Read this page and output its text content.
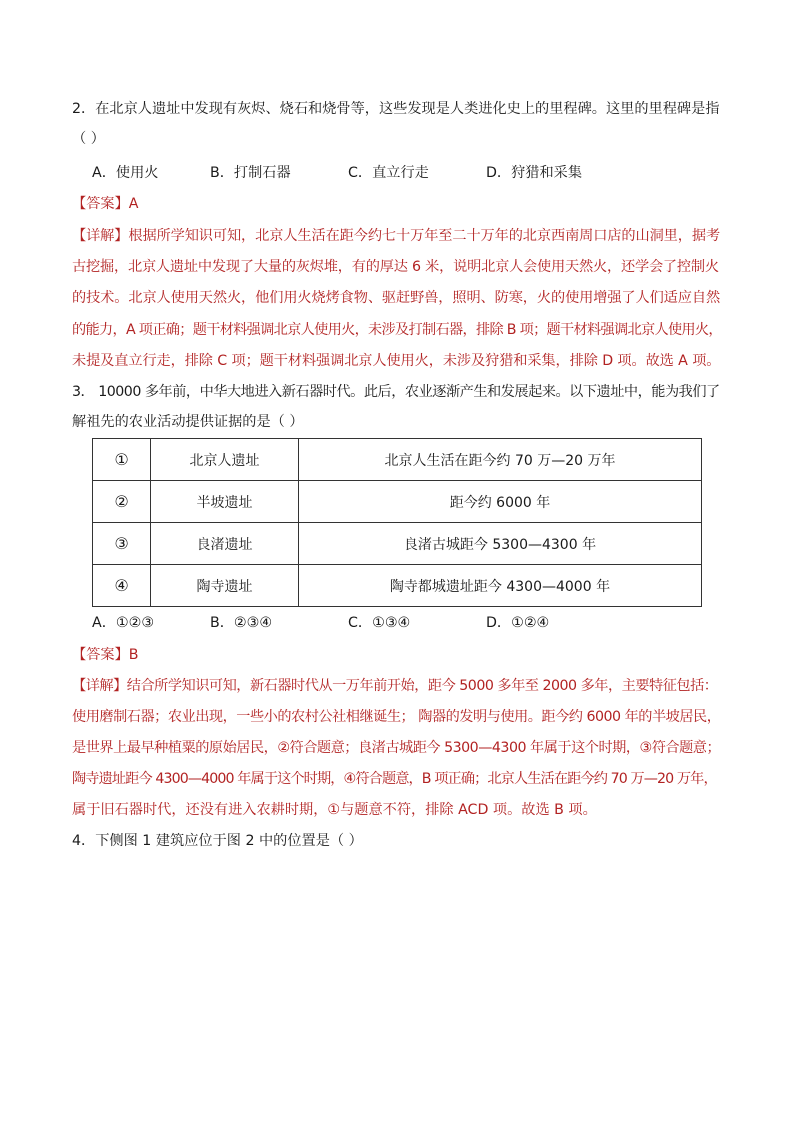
2．在北京人遗址中发现有灰烬、烧石和烧骨等，这些发现是人类进化史上的里程碑。这里的里程碑是指
（ ）
A．使用火	B．打制石器	C．直立行走	D．狩猎和采集
【答案】A
【详解】根据所学知识可知，北京人生活在距今约七十万年至二十万年的北京西南周口店的山洞里，据考
古挖掘，北京人遗址中发现了大量的灰烬堆，有的厚达 6 米，说明北京人会使用天然火，还学会了控制火
的技术。北京人使用天然火，他们用火烧烤食物、驱赶野兽，照明、防寒，火的使用增强了人们适应自然
的能力，A 项正确；题干材料强调北京人使用火，未涉及打制石器，排除 B 项；题干材料强调北京人使用火，
未提及直立行走，排除 C 项；题干材料强调北京人使用火，未涉及狩猎和采集，排除 D 项。故选 A 项。
3． 10000 多年前，中华大地进入新石器时代。此后，农业逐渐产生和发展起来。以下遗址中，能为我们了
解祖先的农业活动提供证据的是（ ）
①	北京人遗址	北京人生活在距今约 70 万—20 万年
②	半坡遗址	距今约 6000 年
③	良渚遗址	良渚古城距今 5300—4300 年
④	陶寺遗址	陶寺都城遗址距今 4300—4000 年
A．①②③	B．②③④	C．①③④	D．①②④
【答案】B
【详解】结合所学知识可知，新石器时代从一万年前开始，距今 5000 多年至 2000 多年，主要特征包括：
使用磨制石器；农业出现，一些小的农村公社相继诞生； 陶器的发明与使用。距今约 6000 年的半坡居民，
是世界上最早种植粟的原始居民，②符合题意；良渚古城距今 5300—4300 年属于这个时期，③符合题意；
陶寺遗址距今 4300—4000 年属于这个时期，④符合题意，B 项正确；北京人生活在距今约 70 万—20 万年，
属于旧石器时代，还没有进入农耕时期，①与题意不符，排除 ACD 项。故选 B 项。
4．下侧图 1 建筑应位于图 2 中的位置是（ ）
